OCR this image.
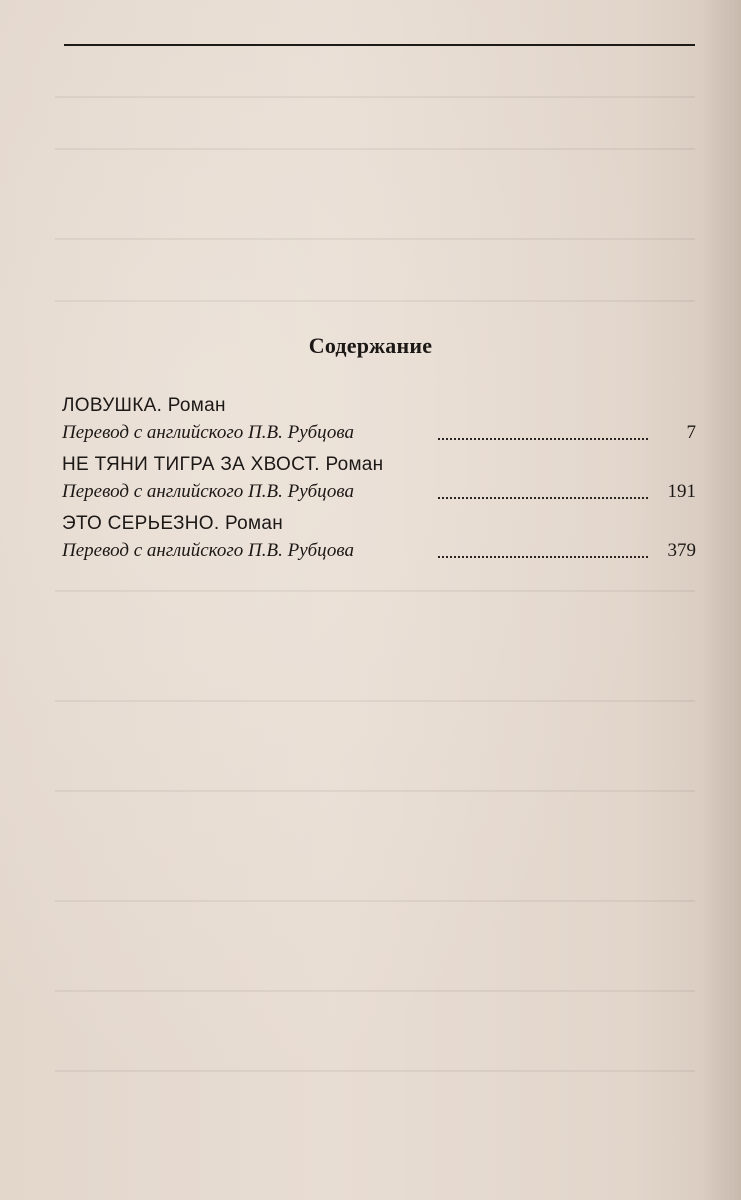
Содержание
ЛОВУШКА. Роман
Перевод с английского П.В. Рубцова	7
НЕ ТЯНИ ТИГРА ЗА ХВОСТ. Роман
Перевод с английского П.В. Рубцова	191
ЭТО СЕРЬЕЗНО. Роман
Перевод с английского П.В. Рубцова	379
